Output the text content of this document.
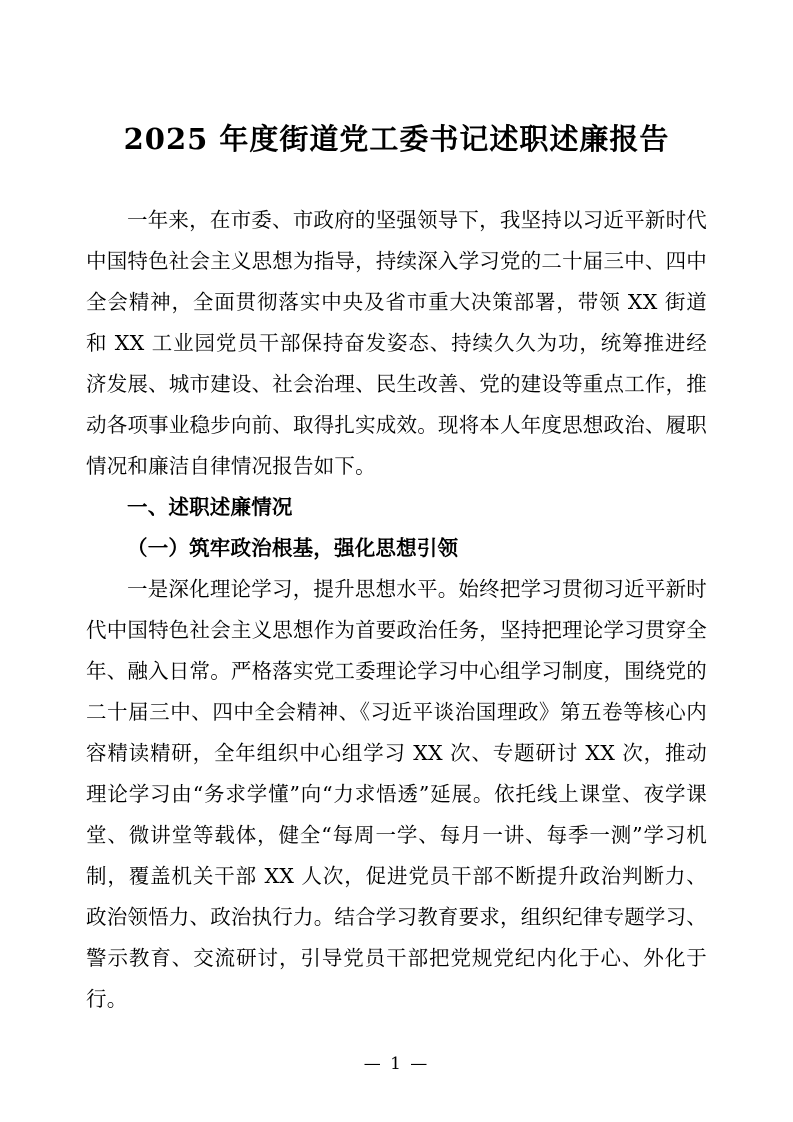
2025 年度街道党工委书记述职述廉报告

一年来，在市委、市政府的坚强领导下，我坚持以习近平新时代中国特色社会主义思想为指导，持续深入学习党的二十届三中、四中全会精神，全面贯彻落实中央及省市重大决策部署，带领 XX 街道和 XX 工业园党员干部保持奋发姿态、持续久久为功，统筹推进经济发展、城市建设、社会治理、民生改善、党的建设等重点工作，推动各项事业稳步向前、取得扎实成效。现将本人年度思想政治、履职情况和廉洁自律情况报告如下。

一、述职述廉情况

（一）筑牢政治根基，强化思想引领

一是深化理论学习，提升思想水平。始终把学习贯彻习近平新时代中国特色社会主义思想作为首要政治任务，坚持把理论学习贯穿全年、融入日常。严格落实党工委理论学习中心组学习制度，围绕党的二十届三中、四中全会精神、《习近平谈治国理政》第五卷等核心内容精读精研，全年组织中心组学习 XX 次、专题研讨 XX 次，推动理论学习由“务求学懂”向“力求悟透”延展。依托线上课堂、夜学课堂、微讲堂等载体，健全“每周一学、每月一讲、每季一测”学习机制，覆盖机关干部 XX 人次，促进党员干部不断提升政治判断力、政治领悟力、政治执行力。结合学习教育要求，组织纪律专题学习、警示教育、交流研讨，引导党员干部把党规党纪内化于心、外化于行。

— 1 —
